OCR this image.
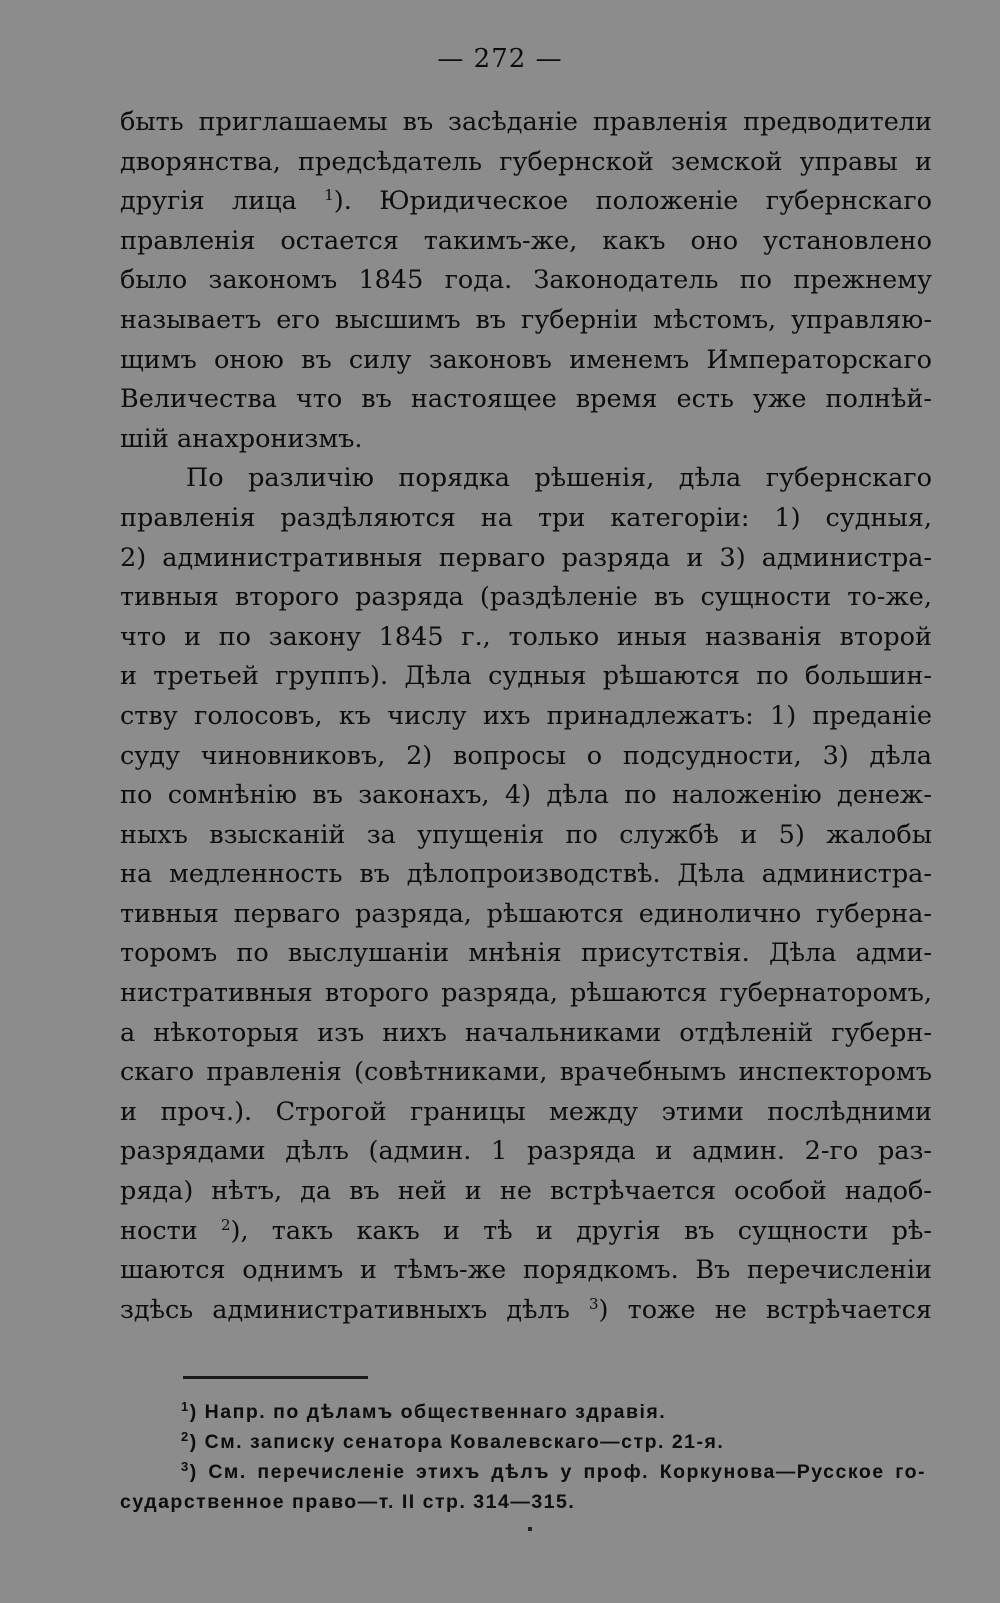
— 272 —
быть приглашаемы въ засѣданіе правленія предводители
дворянства, предсѣдатель губернской земской управы и
другія лица $^1$). Юридическое положеніе губернскаго
правленія остается такимъ-же, какъ оно установлено
было закономъ 1845 года. Законодатель по прежнему
называетъ его высшимъ въ губерніи мѣстомъ, управляю-
щимъ оною въ силу законовъ именемъ Императорскаго
Величества что въ настоящее время есть уже полнѣй-
шій анахронизмъ.
По различію порядка рѣшенія, дѣла губернскаго
правленія раздѣляются на три категоріи: 1) судныя,
2) административныя перваго разряда и 3) администра-
тивныя второго разряда (раздѣленіе въ сущности то-же,
что и по закону 1845 г., только иныя названія второй
и третьей группъ). Дѣла судныя рѣшаются по большин-
ству голосовъ, къ числу ихъ принадлежатъ: 1) преданіе
суду чиновниковъ, 2) вопросы о подсудности, 3) дѣла
по сомнѣнію въ законахъ, 4) дѣла по наложенію денеж-
ныхъ взысканій за упущенія по службѣ и 5) жалобы
на медленность въ дѣлопроизводствѣ. Дѣла администра-
тивныя перваго разряда, рѣшаются единолично губерна-
торомъ по выслушаніи мнѣнія присутствія. Дѣла адми-
нистративныя второго разряда, рѣшаются губернаторомъ,
а нѣкоторыя изъ нихъ начальниками отдѣленій губерн-
скаго правленія (совѣтниками, врачебнымъ инспекторомъ
и проч.). Строгой границы между этими послѣдними
разрядами дѣлъ (админ. 1 разряда и админ. 2-го раз-
ряда) нѣтъ, да въ ней и не встрѣчается особой надоб-
ности $^2$), такъ какъ и тѣ и другія въ сущности рѣ-
шаются однимъ и тѣмъ-же порядкомъ. Въ перечисленіи
здѣсь административныхъ дѣлъ $^3$) тоже не встрѣчается
$^1$) Напр. по дѣламъ общественнаго здравія.
$^2$) См. записку сенатора Ковалевскаго—стр. 21-я.
$^3$) См. перечисленіе этихъ дѣлъ у проф. Коркунова—Русское го-
сударственное право—т. II стр. 314—315.
